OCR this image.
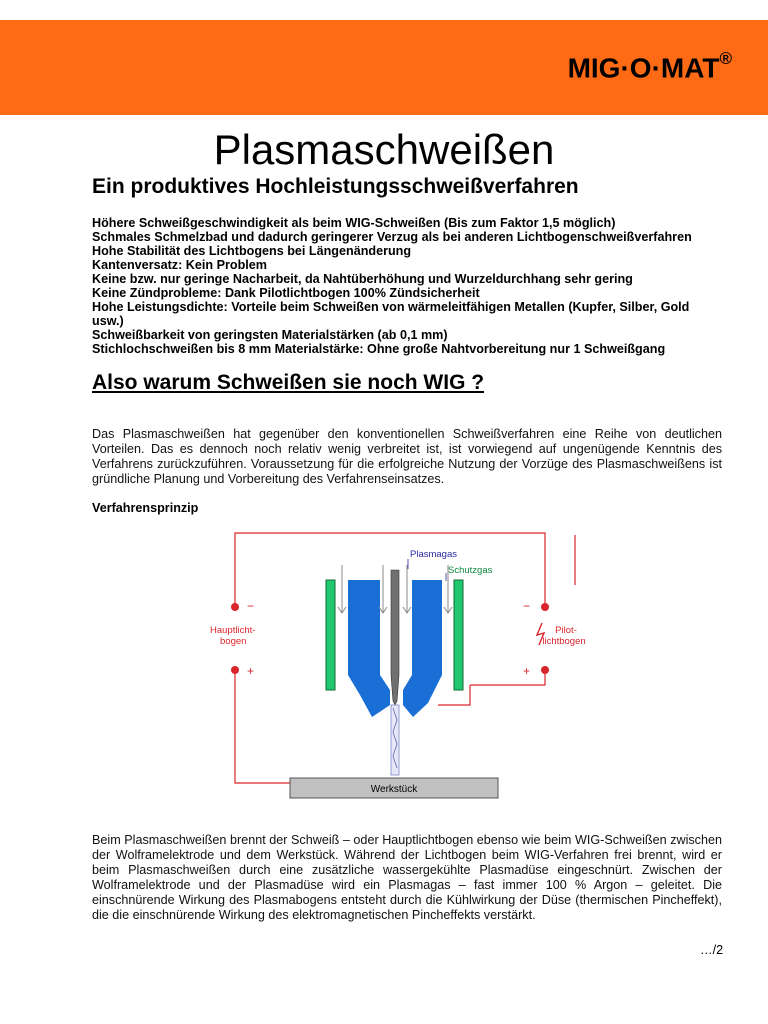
MIG·O·MAT®
Plasmaschweißen
Ein produktives Hochleistungsschweißverfahren
Höhere Schweißgeschwindigkeit als beim WIG-Schweißen (Bis zum Faktor 1,5 möglich)
Schmales Schmelzbad und dadurch geringerer Verzug als bei anderen Lichtbogenschweißverfahren
Hohe Stabilität des Lichtbogens bei Längenänderung
Kantenversatz: Kein Problem
Keine bzw. nur geringe Nacharbeit, da Nahtüberhöhung und Wurzeldurchhang sehr gering
Keine Zündprobleme: Dank Pilotlichtbogen 100% Zündsicherheit
Hohe Leistungsdichte: Vorteile beim Schweißen von wärmeleitfähigen Metallen (Kupfer, Silber, Gold usw.)
Schweißbarkeit von geringsten Materialstärken (ab 0,1 mm)
Stichlochschweißen bis 8 mm Materialstärke: Ohne große Nahtvorbereitung nur 1 Schweißgang
Also warum Schweißen sie noch WIG ?

Das Plasmaschweißen hat gegenüber den konventionellen Schweißverfahren eine Reihe von deutlichen Vorteilen. Das es dennoch noch relativ wenig verbreitet ist, ist vorwiegend auf ungenügende Kenntnis des Verfahrens zurückzuführen. Voraussetzung für die erfolgreiche Nutzung der Vorzüge des Plasmaschweißens ist gründliche Planung und Vorbereitung des Verfahrenseinsatzes.

Verfahrensprinzip

Plasmagas
Schutzgas
Hauptlicht-
bogen
Pilot-
lichtbogen
−
+
−
+
Werkstück

Beim Plasmaschweißen brennt der Schweiß – oder Hauptlichtbogen ebenso wie beim WIG-Schweißen zwischen der Wolframelektrode und dem Werkstück. Während der Lichtbogen beim WIG-Verfahren frei brennt, wird er beim Plasmaschweißen durch eine zusätzliche wassergekühlte Plasmadüse eingeschnürt. Zwischen der Wolframelektrode und der Plasmadüse wird ein Plasmagas – fast immer 100 % Argon – geleitet. Die einschnürende Wirkung des Plasmabogens entsteht durch die Kühlwirkung der Düse (thermischen Pincheffekt), die die einschnürende Wirkung des elektromagnetischen Pincheffekts verstärkt.

…/2
